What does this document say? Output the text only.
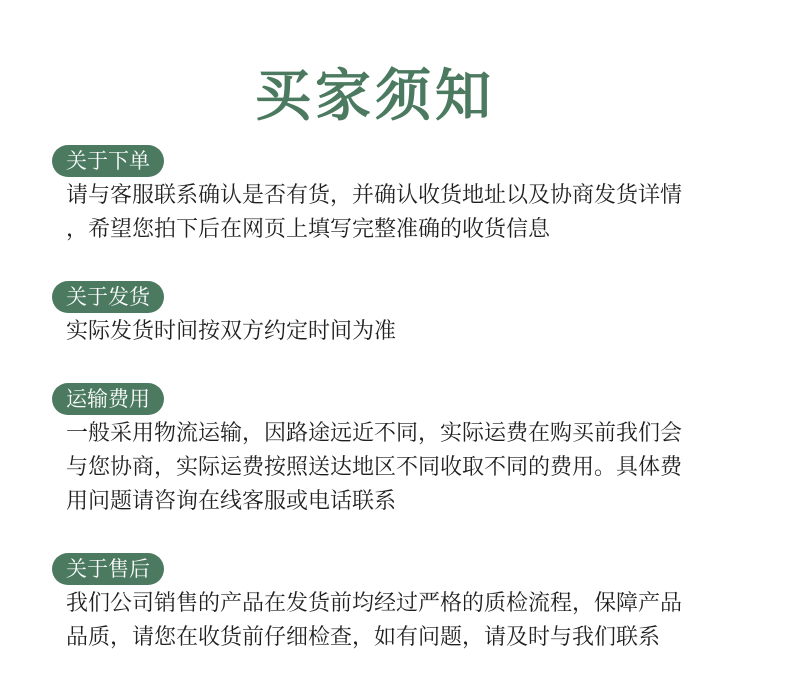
买家须知
关于下单

请与客服联系确认是否有货，并确认收货地址以及协商发货详情

，希望您拍下后在网页上填写完整准确的收货信息

关于发货

实际发货时间按双方约定时间为准

运输费用

一般采用物流运输，因路途远近不同，实际运费在购买前我们会

与您协商，实际运费按照送达地区不同收取不同的费用。具体费

用问题请咨询在线客服或电话联系

关于售后

我们公司销售的产品在发货前均经过严格的质检流程，保障产品

品质，请您在收货前仔细检查，如有问题，请及时与我们联系
